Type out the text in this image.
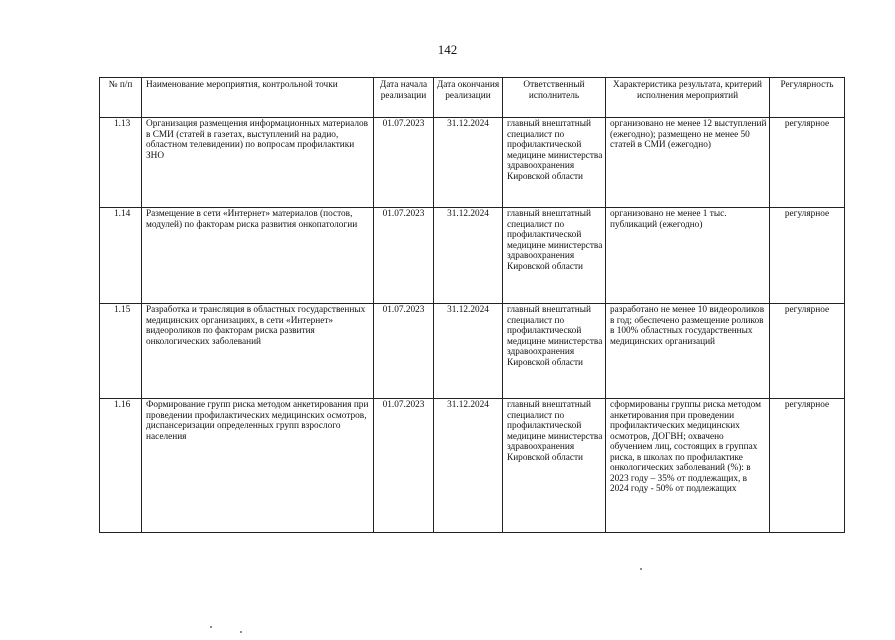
142
№ п/п	Наименование мероприятия, контрольной точки	Дата начала реализации	Дата окончания реализации	Ответственный исполнитель	Характеристика результата, критерий исполнения мероприятий	Регулярность
1.13	Организация размещения информационных материалов в СМИ (статей в газетах, выступлений на радио, областном телевидении) по вопросам профилактики ЗНО	01.07.2023	31.12.2024	главный внештатный специалист по профилактической медицине министерства здравоохранения Кировской области	организовано не менее 12 выступлений (ежегодно); размещено не менее 50 статей в СМИ (ежегодно)	регулярное
1.14	Размещение в сети «Интернет» материалов (постов, модулей) по факторам риска развития онкопатологии	01.07.2023	31.12.2024	главный внештатный специалист по профилактической медицине министерства здравоохранения Кировской области	организовано не менее 1 тыс. публикаций (ежегодно)	регулярное
1.15	Разработка и трансляция в областных государственных медицинских организациях, в сети «Интернет» видеороликов по факторам риска развития онкологических заболеваний	01.07.2023	31.12.2024	главный внештатный специалист по профилактической медицине министерства здравоохранения Кировской области	разработано не менее 10 видеороликов в год; обеспечено размещение роликов в 100% областных государственных медицинских организаций	регулярное
1.16	Формирование групп риска методом анкетирования при проведении профилактических медицинских осмотров, диспансеризации определенных групп взрослого населения	01.07.2023	31.12.2024	главный внештатный специалист по профилактической медицине министерства здравоохранения Кировской области	сформированы группы риска методом анкетирования при проведении профилактических медицинских осмотров, ДОГВН; охвачено обучением лиц, состоящих в группах риска, в школах по профилактике онкологических заболеваний (%): в 2023 году – 35% от подлежащих, в 2024 году - 50% от подлежащих	регулярное
